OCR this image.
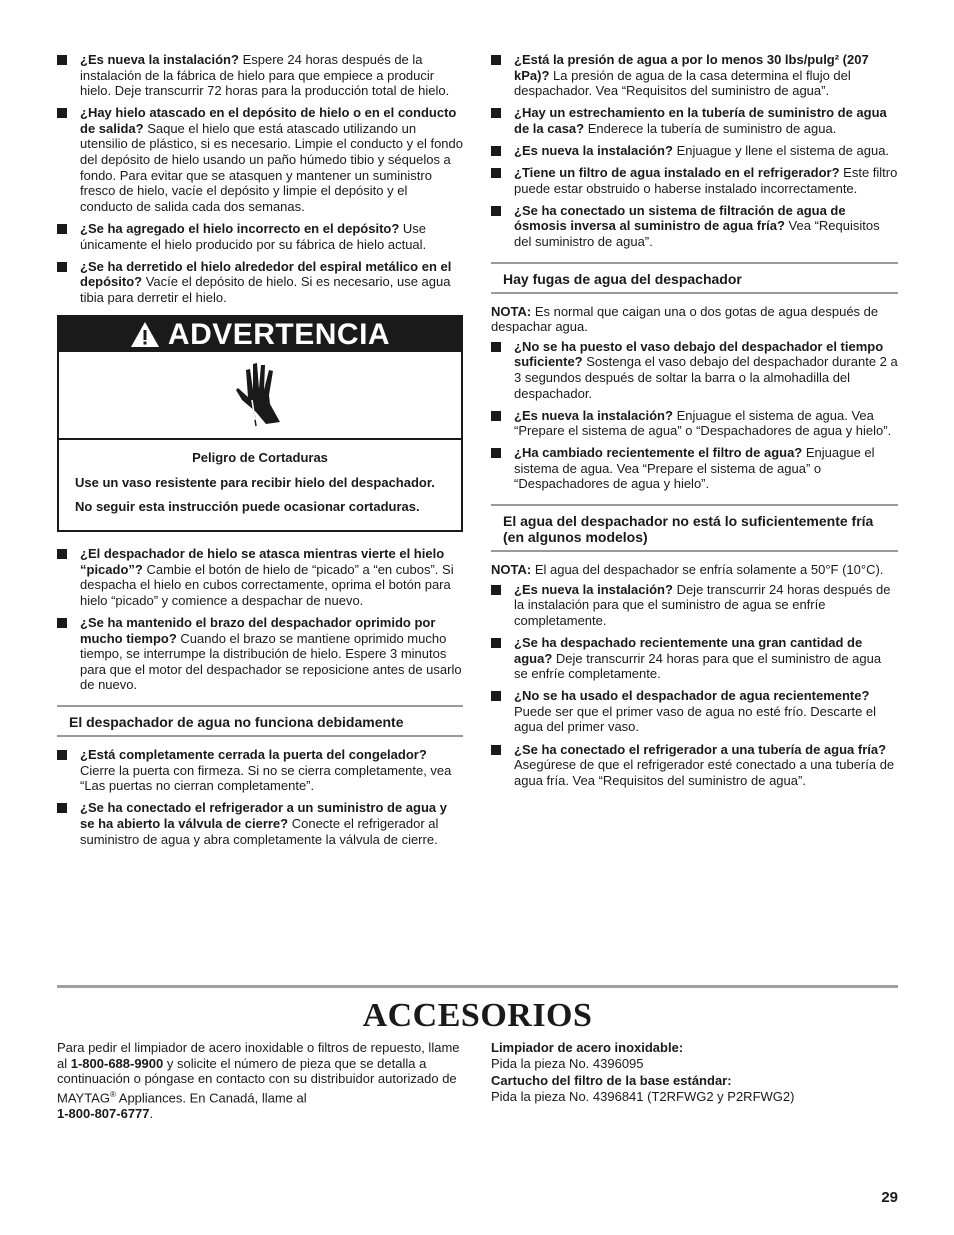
¿Es nueva la instalación? Espere 24 horas después de la instalación de la fábrica de hielo para que empiece a producir hielo. Deje transcurrir 72 horas para la producción total de hielo.
¿Hay hielo atascado en el depósito de hielo o en el conducto de salida? Saque el hielo que está atascado utilizando un utensilio de plástico, si es necesario. Limpie el conducto y el fondo del depósito de hielo usando un paño húmedo tibio y séquelos a fondo. Para evitar que se atasquen y mantener un suministro fresco de hielo, vacíe el depósito y limpie el depósito y el conducto de salida cada dos semanas.
¿Se ha agregado el hielo incorrecto en el depósito? Use únicamente el hielo producido por su fábrica de hielo actual.
¿Se ha derretido el hielo alrededor del espiral metálico en el depósito? Vacíe el depósito de hielo. Si es necesario, use agua tibia para derretir el hielo.
ADVERTENCIA
Peligro de Cortaduras

Use un vaso resistente para recibir hielo del despachador.

No seguir esta instrucción puede ocasionar cortaduras.

¿El despachador de hielo se atasca mientras vierte el hielo “picado”? Cambie el botón de hielo de “picado” a “en cubos”. Si despacha el hielo en cubos correctamente, oprima el botón para hielo “picado” y comience a despachar de nuevo.
¿Se ha mantenido el brazo del despachador oprimido por mucho tiempo? Cuando el brazo se mantiene oprimido mucho tiempo, se interrumpe la distribución de hielo. Espere 3 minutos para que el motor del despachador se reposicione antes de usarlo de nuevo.
El despachador de agua no funciona debidamente
¿Está completamente cerrada la puerta del congelador? Cierre la puerta con firmeza. Si no se cierra completamente, vea “Las puertas no cierran completamente”.
¿Se ha conectado el refrigerador a un suministro de agua y se ha abierto la válvula de cierre? Conecte el refrigerador al suministro de agua y abra completamente la válvula de cierre.
¿Está la presión de agua a por lo menos 30 lbs/pulg² (207 kPa)? La presión de agua de la casa determina el flujo del despachador. Vea “Requisitos del suministro de agua”.
¿Hay un estrechamiento en la tubería de suministro de agua de la casa? Enderece la tubería de suministro de agua.
¿Es nueva la instalación? Enjuague y llene el sistema de agua.
¿Tiene un filtro de agua instalado en el refrigerador? Este filtro puede estar obstruido o haberse instalado incorrectamente.
¿Se ha conectado un sistema de filtración de agua de ósmosis inversa al suministro de agua fría? Vea “Requisitos del suministro de agua”.
Hay fugas de agua del despachador

NOTA: Es normal que caigan una o dos gotas de agua después de despachar agua.

¿No se ha puesto el vaso debajo del despachador el tiempo suficiente? Sostenga el vaso debajo del despachador durante 2 a 3 segundos después de soltar la barra o la almohadilla del despachador.
¿Es nueva la instalación? Enjuague el sistema de agua. Vea “Prepare el sistema de agua” o “Despachadores de agua y hielo”.
¿Ha cambiado recientemente el filtro de agua? Enjuague el sistema de agua. Vea “Prepare el sistema de agua” o “Despachadores de agua y hielo”.
El agua del despachador no está lo suficientemente fría (en algunos modelos)

NOTA: El agua del despachador se enfría solamente a 50°F (10°C).

¿Es nueva la instalación? Deje transcurrir 24 horas después de la instalación para que el suministro de agua se enfríe completamente.
¿Se ha despachado recientemente una gran cantidad de agua? Deje transcurrir 24 horas para que el suministro de agua se enfríe completamente.
¿No se ha usado el despachador de agua recientemente? Puede ser que el primer vaso de agua no esté frío. Descarte el agua del primer vaso.
¿Se ha conectado el refrigerador a una tubería de agua fría? Asegúrese de que el refrigerador esté conectado a una tubería de agua fría. Vea “Requisitos del suministro de agua”.
ACCESORIOS

Para pedir el limpiador de acero inoxidable o filtros de repuesto, llame al 1-800-688-9900 y solicite el número de pieza que se detalla a continuación o póngase en contacto con su distribuidor autorizado de MAYTAG® Appliances. En Canadá, llame al
1-800-807-6777.

Limpiador de acero inoxidable:
Pida la pieza No. 4396095

Cartucho del filtro de la base estándar:
Pida la pieza No. 4396841 (T2RFWG2 y P2RFWG2)

29
